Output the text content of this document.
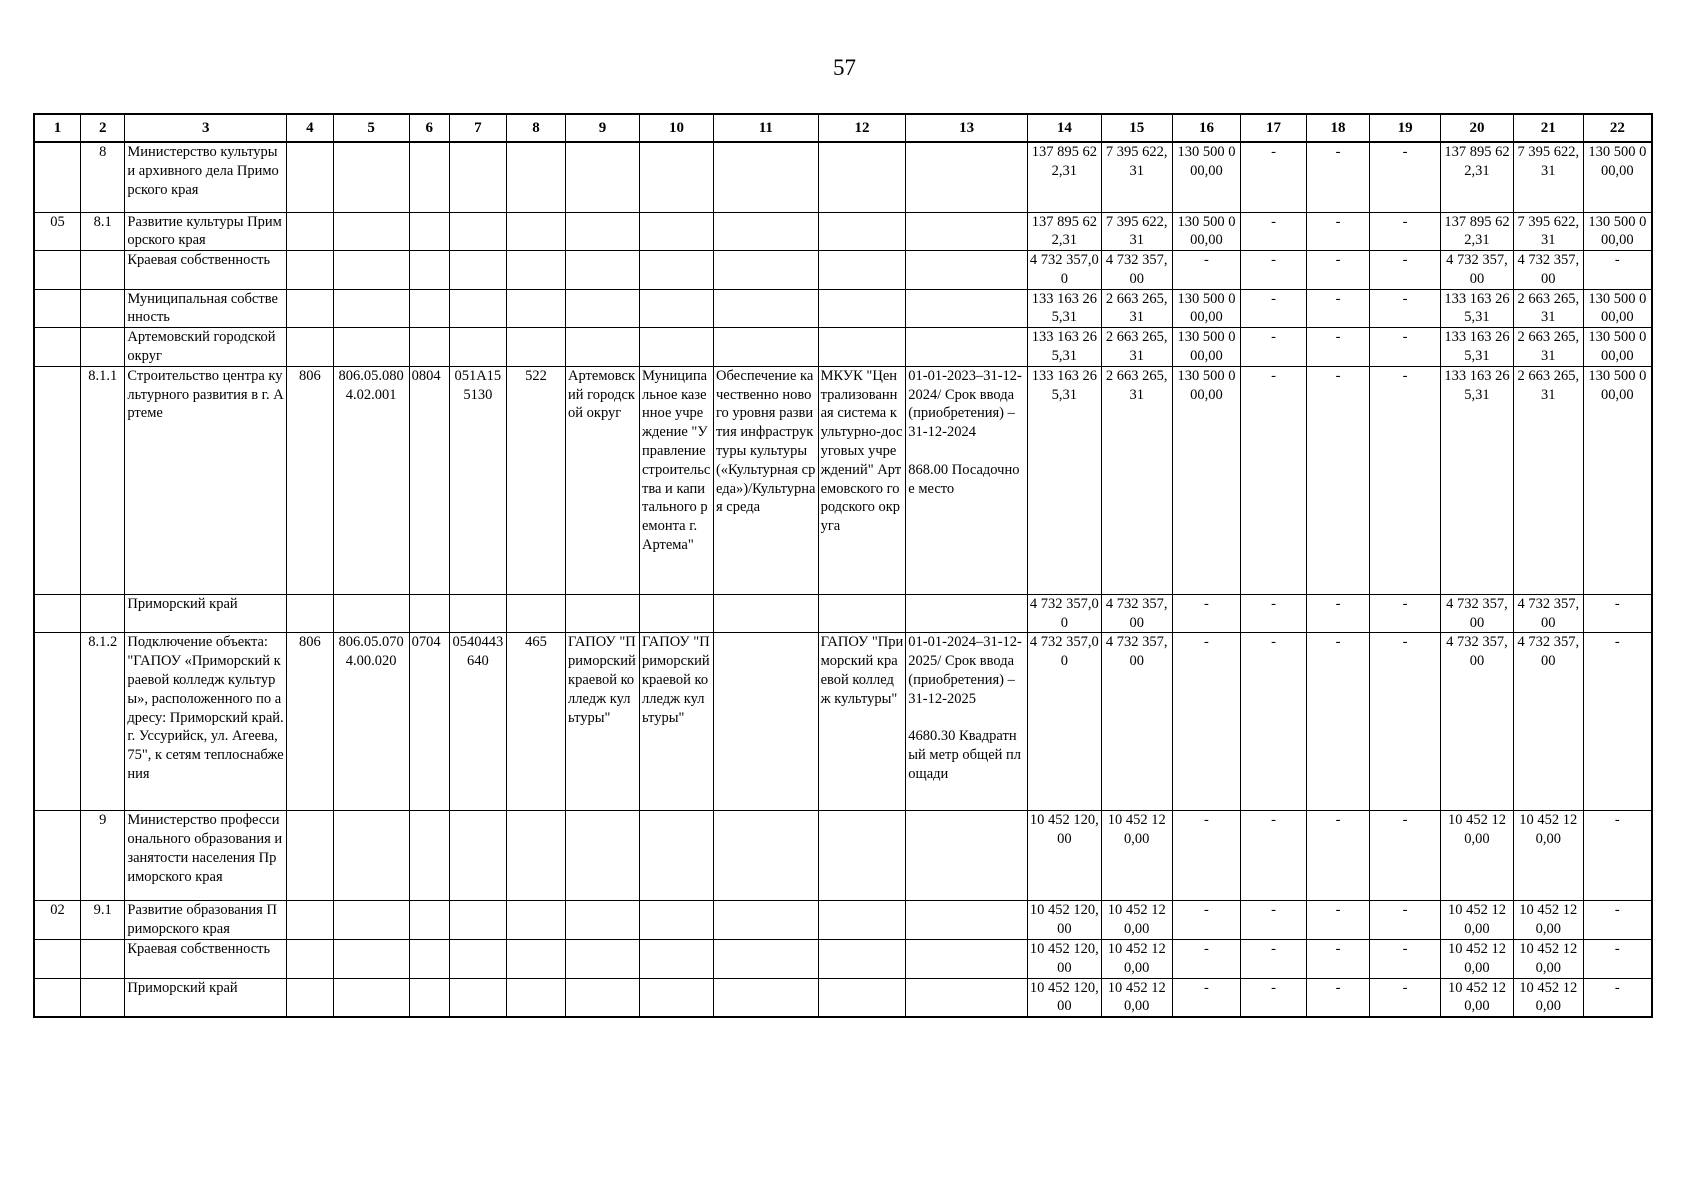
57
1	2	3	4	5	6	7	8	9	10	11	12	13	14	15	16	17	18	19	20	21	22
	8	Министерство культуры и архивного дела Приморского края											137 895 622,31	7 395 622,31	130 500 000,00	-	-	-	137 895 622,31	7 395 622,31	130 500 000,00
05	8.1	Развитие культуры Приморского края											137 895 622,31	7 395 622,31	130 500 000,00	-	-	-	137 895 622,31	7 395 622,31	130 500 000,00
		Краевая собственность											4 732 357,00	4 732 357,00	-	-	-	-	4 732 357,00	4 732 357,00	-
		Муниципальная собственность											133 163 265,31	2 663 265,31	130 500 000,00	-	-	-	133 163 265,31	2 663 265,31	130 500 000,00
		Артемовский городской округ											133 163 265,31	2 663 265,31	130 500 000,00	-	-	-	133 163 265,31	2 663 265,31	130 500 000,00
	8.1.1	Строительство центра культурного развития в г. Артеме	806	806.05.0804.02.001	0804	051A155130	522	Артемовский городской округ	Муниципальное казенное учреждение "Управление строительства и капитального ремонта г. Артема"	Обеспечение качественно нового уровня развития инфраструктуры культуры («Культурная среда»)/Культурная среда	МКУК "Централизованная система культурно-досуговых учреждений" Артемовского городского округа	01-01-2023–31-12-2024/ Срок ввода (приобретения) – 31-12-2024

868.00 Посадочное место	133 163 265,31	2 663 265,31	130 500 000,00	-	-	-	133 163 265,31	2 663 265,31	130 500 000,00
		Приморский край											4 732 357,00	4 732 357,00	-	-	-	-	4 732 357,00	4 732 357,00	-
	8.1.2	Подключение объекта: "ГАПОУ «Приморский краевой колледж культуры», расположенного по адресу: Приморский край. г. Уссурийск, ул. Агеева,75", к сетям теплоснабжения	806	806.05.0704.00.020	0704	0540443640	465	ГАПОУ "Приморский краевой колледж культуры"	ГАПОУ "Приморский краевой колледж культуры"		ГАПОУ "Приморский краевой колледж культуры"	01-01-2024–31-12-2025/ Срок ввода (приобретения) – 31-12-2025

4680.30 Квадратный метр общей площади	4 732 357,00	4 732 357,00	-	-	-	-	4 732 357,00	4 732 357,00	-
	9	Министерство профессионального образования и занятости населения Приморского края											10 452 120,00	10 452 120,00	-	-	-	-	10 452 120,00	10 452 120,00	-
02	9.1	Развитие образования Приморского края											10 452 120,00	10 452 120,00	-	-	-	-	10 452 120,00	10 452 120,00	-
		Краевая собственность											10 452 120,00	10 452 120,00	-	-	-	-	10 452 120,00	10 452 120,00	-
		Приморский край											10 452 120,00	10 452 120,00	-	-	-	-	10 452 120,00	10 452 120,00	-
